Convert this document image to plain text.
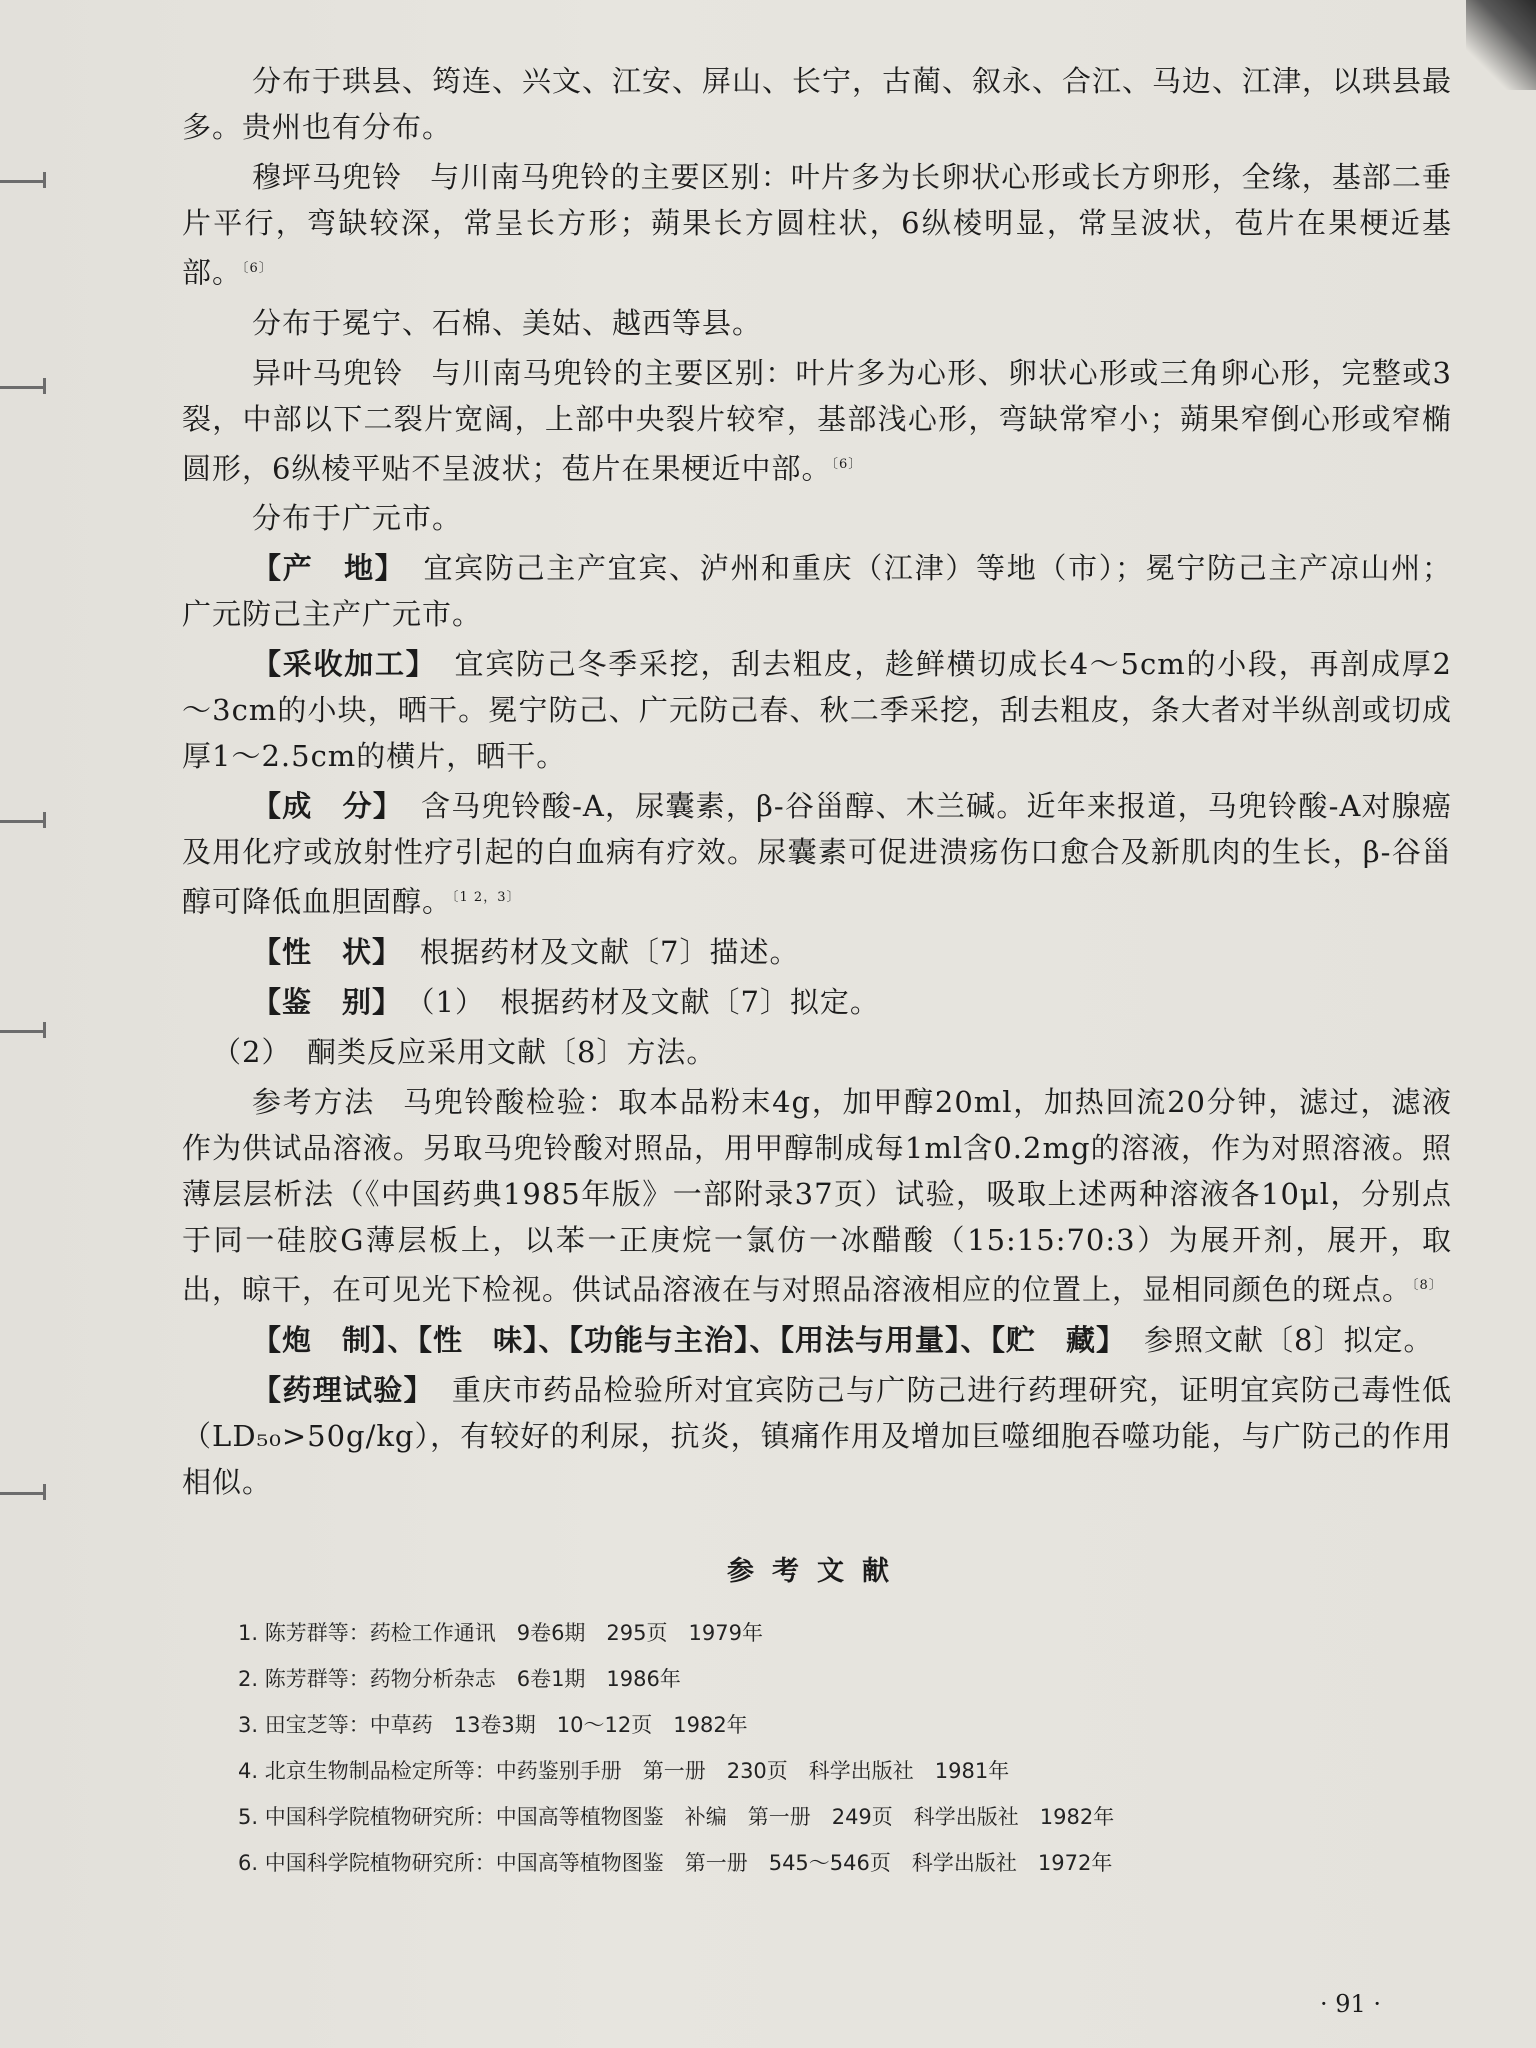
分布于珙县、筠连、兴文、江安、屏山、长宁，古蔺、叙永、合江、马边、江津，以珙县最多。贵州也有分布。

穆坪马兜铃 与川南马兜铃的主要区别：叶片多为长卵状心形或长方卵形，全缘，基部二垂片平行，弯缺较深，常呈长方形；蒴果长方圆柱状，6纵棱明显，常呈波状，苞片在果梗近基部。$^{〔6〕}$

分布于冕宁、石棉、美姑、越西等县。

异叶马兜铃 与川南马兜铃的主要区别：叶片多为心形、卵状心形或三角卵心形，完整或3裂，中部以下二裂片宽阔，上部中央裂片较窄，基部浅心形，弯缺常窄小；蒴果窄倒心形或窄椭圆形，6纵棱平贴不呈波状；苞片在果梗近中部。$^{〔6〕}$

分布于广元市。

【产　地】 宜宾防己主产宜宾、泸州和重庆（江津）等地（市）；冕宁防己主产凉山州；广元防己主产广元市。

【采收加工】 宜宾防己冬季采挖，刮去粗皮，趁鲜横切成长4～5cm的小段，再剖成厚2～3cm的小块，晒干。冕宁防己、广元防己春、秋二季采挖，刮去粗皮，条大者对半纵剖或切成厚1～2.5cm的横片，晒干。

【成　分】 含马兜铃酸-A，尿囊素，β-谷甾醇、木兰碱。近年来报道，马兜铃酸-A对腺癌及用化疗或放射性疗引起的白血病有疗效。尿囊素可促进溃疡伤口愈合及新肌肉的生长，β-谷甾醇可降低血胆固醇。$^{〔1 2,3〕}$

【性　状】 根据药材及文献〔7〕描述。

【鉴　别】 （1）　根据药材及文献〔7〕拟定。

（2）　酮类反应采用文献〔8〕方法。

参考方法 马兜铃酸检验：取本品粉末4g，加甲醇20ml，加热回流20分钟，滤过，滤液作为供试品溶液。另取马兜铃酸对照品，用甲醇制成每1ml含0.2mg的溶液，作为对照溶液。照薄层层析法（《中国药典1985年版》一部附录37页）试验，吸取上述两种溶液各10μl，分别点于同一硅胶G薄层板上，以苯一正庚烷一氯仿一冰醋酸（15:15:70:3）为展开剂，展开，取出，晾干，在可见光下检视。供试品溶液在与对照品溶液相应的位置上，显相同颜色的斑点。$^{〔8〕}$

【炮　制】、【性　味】、【功能与主治】、【用法与用量】、【贮　藏】 参照文献〔8〕拟定。

【药理试验】 重庆市药品检验所对宜宾防己与广防己进行药理研究，证明宜宾防己毒性低（LD₅₀>50g/kg），有较好的利尿，抗炎，镇痛作用及增加巨噬细胞吞噬功能，与广防己的作用相似。

参考文献
1. 陈芳群等：药检工作通讯　9卷6期　295页　1979年
2. 陈芳群等：药物分析杂志　6卷1期　1986年
3. 田宝芝等：中草药　13卷3期　10～12页　1982年
4. 北京生物制品检定所等：中药鉴别手册　第一册　230页　科学出版社　1981年
5. 中国科学院植物研究所：中国高等植物图鉴　补编　第一册　249页　科学出版社　1982年
6. 中国科学院植物研究所：中国高等植物图鉴　第一册　545～546页　科学出版社　1972年
· 91 ·
